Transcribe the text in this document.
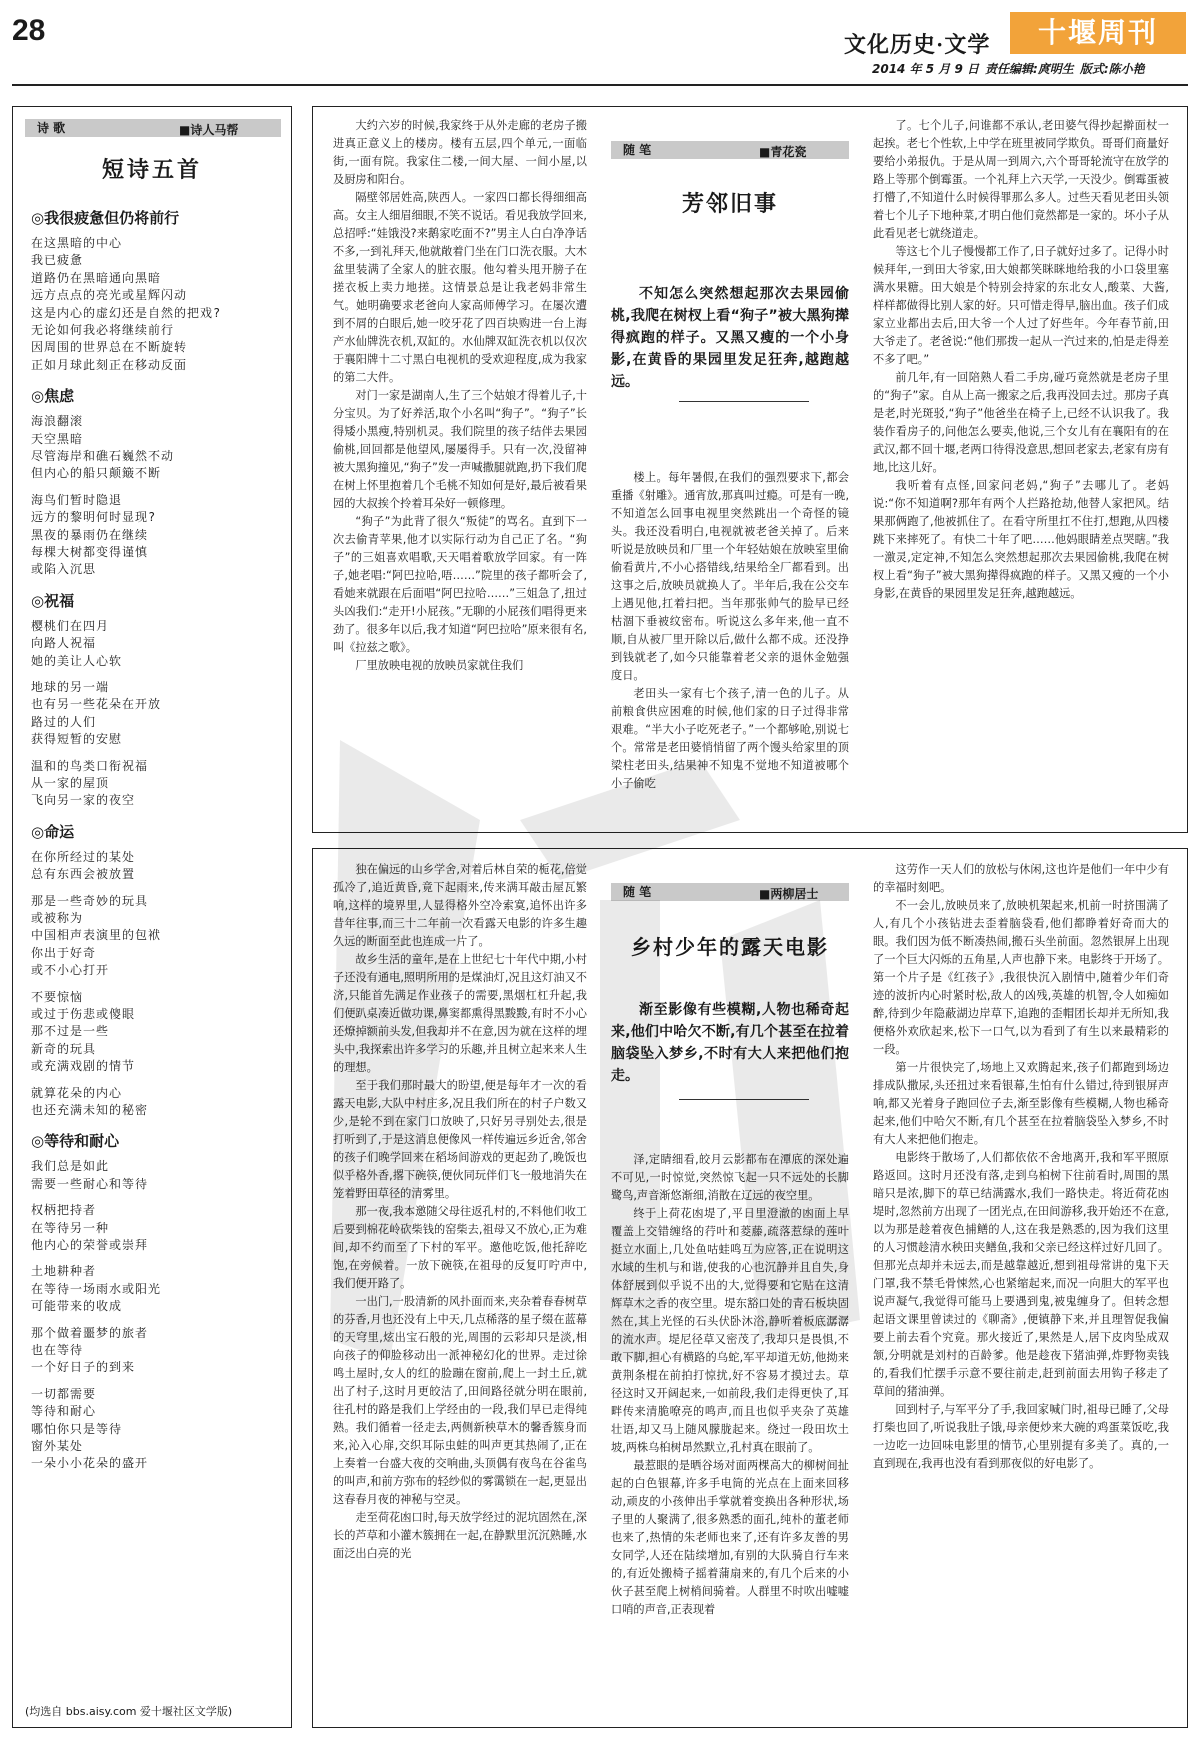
28	文化历史·文学	十堰周刊
2014 年 5 月 9 日 责任编辑:庹明生 版式:陈小艳
诗 歌	■诗人马帮
短诗五首
◎我很疲惫但仍将前行
在这黑暗的中心
我已疲惫
道路仍在黑暗通向黑暗
远方点点的亮光或星辉闪动
这是内心的虚幻还是自然的把戏?
无论如何我必将继续前行
因周围的世界总在不断旋转
正如月球此刻正在移动反面
◎焦虑
海浪翻滚
天空黑暗
尽管海岸和礁石巍然不动
但内心的船只颠簸不断
海鸟们暂时隐退
远方的黎明何时显现?
黑夜的暴雨仍在继续
每棵大树都变得谨慎
或陷入沉思
◎祝福
樱桃们在四月
向路人祝福
她的美让人心软
地球的另一端
也有另一些花朵在开放
路过的人们
获得短暂的安慰
温和的鸟类口衔祝福
从一家的屋顶
飞向另一家的夜空
◎命运
在你所经过的某处
总有东西会被放置
那是一些奇妙的玩具
或被称为
中国相声表演里的包袱
你出于好奇
或不小心打开
不要惊恼
或过于伤悲或傻眼
那不过是一些
新奇的玩具
或充满戏剧的情节
就算花朵的内心
也还充满未知的秘密
◎等待和耐心
我们总是如此
需要一些耐心和等待
权柄把持者
在等待另一种
他内心的荣誉或崇拜
土地耕种者
在等待一场雨水或阳光
可能带来的收成
那个做着噩梦的旅者
也在等待
一个好日子的到来
一切都需要
等待和耐心
哪怕你只是等待
窗外某处
一朵小小花朵的盛开
(均选自 bbs.aisy.com 爱十堰社区文学版)

大约六岁的时候,我家终于从外走廊的老房子搬进真正意义上的楼房。楼有五层,四个单元,一面临街,一面有院。我家住二楼,一间大屋、一间小屋,以及厨房和阳台。

隔壁邻居姓高,陕西人。一家四口都长得细细高高。女主人细眉细眼,不笑不说话。看见我放学回来,总招呼:“娃饿没?来鹅家吃面不?”男主人白白净净话不多,一到礼拜天,他就敞着门坐在门口洗衣服。大木盆里装满了全家人的脏衣服。他勾着头甩开膀子在搓衣板上卖力地搓。这情景总是让我老妈非常生气。她明确要求老爸向人家高师傅学习。在屡次遭到不屑的白眼后,她一咬牙花了四百块购进一台上海产水仙牌洗衣机,双缸的。水仙牌双缸洗衣机以仅次于襄阳牌十二寸黑白电视机的受欢迎程度,成为我家的第二大件。

对门一家是湖南人,生了三个姑娘才得着儿子,十分宝贝。为了好养活,取个小名叫“狗子”。“狗子”长得矮小黑瘦,特别机灵。我们院里的孩子结伴去果园偷桃,回回都是他望风,屡屡得手。只有一次,没留神被大黑狗撞见,“狗子”发一声喊撒腿就跑,扔下我们爬在树上怀里抱着几个毛桃不知如何是好,最后被看果园的大叔挨个拎着耳朵好一顿修理。

“狗子”为此背了很久“叛徒”的骂名。直到下一次去偷青苹果,他才以实际行动为自己正了名。“狗子”的三姐喜欢唱歌,天天唱着歌放学回家。有一阵子,她老唱:“阿巴拉哈,唔……”院里的孩子都听会了,看她来就跟在后面唱“阿巴拉哈……”三姐急了,扭过头凶我们:“走开!小屁孩。”无聊的小屁孩们唱得更来劲了。很多年以后,我才知道“阿巴拉哈”原来很有名,叫《拉兹之歌》。

厂里放映电视的放映员家就住我们

随 笔	■青花瓷
芳邻旧事
不知怎么突然想起那次去果园偷桃,我爬在树杈上看“狗子”被大黑狗撵得疯跑的样子。又黑又瘦的一个小身影,在黄昏的果园里发足狂奔,越跑越远。

楼上。每年暑假,在我们的强烈要求下,都会重播《射雕》。通宵放,那真叫过瘾。可是有一晚,不知道怎么回事电视里突然跳出一个奇怪的镜头。我还没看明白,电视就被老爸关掉了。后来听说是放映员和厂里一个年轻姑娘在放映室里偷偷看黄片,不小心搭错线,结果给全厂都看到。出这事之后,放映员就换人了。半年后,我在公交车上遇见他,扛着扫把。当年那张帅气的脸早已经枯涸下垂被纹密布。听说这么多年来,他一直不顺,自从被厂里开除以后,做什么都不成。还没挣到钱就老了,如今只能靠着老父亲的退休金勉强度日。

老田头一家有七个孩子,清一色的儿子。从前粮食供应困难的时候,他们家的日子过得非常艰难。“半大小子吃死老子。”一个都够呛,别说七个。常常是老田婆悄悄留了两个馒头给家里的顶梁柱老田头,结果神不知鬼不觉地不知道被哪个小子偷吃

了。七个儿子,问谁都不承认,老田婆气得抄起擀面杖一起挨。老七个性软,上中学在班里被同学欺负。哥哥们商量好要给小弟报仇。于是从周一到周六,六个哥哥轮流守在放学的路上等那个倒霉蛋。一个礼拜上六天学,一天没少。倒霉蛋被打懵了,不知道什么时候得罪那么多人。过些天看见老田头领着七个儿子下地种菜,才明白他们竟然都是一家的。坏小子从此看见老七就绕道走。

等这七个儿子慢慢都工作了,日子就好过多了。记得小时候拜年,一到田大爷家,田大娘都笑眯眯地给我的小口袋里塞满水果糖。田大娘是个特别会持家的东北女人,酸菜、大酱,样样都做得比别人家的好。只可惜走得早,脑出血。孩子们成家立业都出去后,田大爷一个人过了好些年。今年春节前,田大爷走了。老爸说:“他们那拨一起从一汽过来的,怕是走得差不多了吧。”

前几年,有一回陪熟人看二手房,碰巧竟然就是老房子里的“狗子”家。自从上高一搬家之后,我再没回去过。那房子真是老,时光斑驳,“狗子”他爸坐在椅子上,已经不认识我了。我装作看房子的,问他怎么要卖,他说,三个女儿有在襄阳有的在武汉,都不回十堰,老两口待得没意思,想回老家去,老家有房有地,比这儿好。

我听着有点怪,回家问老妈,“狗子”去哪儿了。老妈说:“你不知道啊?那年有两个人拦路抢劫,他替人家把风。结果那俩跑了,他被抓住了。在看守所里扛不住打,想跑,从四楼跳下来摔死了。有快二十年了吧……他妈眼睛差点哭瞎。”我一激灵,定定神,不知怎么突然想起那次去果园偷桃,我爬在树杈上看“狗子”被大黑狗撵得疯跑的样子。又黑又瘦的一个小身影,在黄昏的果园里发足狂奔,越跑越远。

独在偏远的山乡学舍,对着后林自荣的栀花,倍觉孤冷了,追近黄昏,竟下起雨来,传来满耳敲击屋瓦繁响,这样的境界里,人显得格外空冷索寞,追怀出许多昔年往事,而三十二年前一次看露天电影的许多生趣久远的断面至此也连成一片了。

故乡生活的童年,是在上世纪七十年代中期,小村子还没有通电,照明所用的是煤油灯,况且这灯油又不济,只能首先满足作业孩子的需要,黑烟杠杠升起,我们便趴桌凑近做功课,鼻窦都熏得黑黢黢,有时不小心还燎掉额前头发,但我却并不在意,因为就在这样的埋头中,我探索出许多学习的乐趣,并且树立起来来人生的理想。

至于我们那时最大的盼望,便是每年才一次的看露天电影,大队中村庄多,况且我们所在的村子户数又少,是轮不到在家门口放映了,只好另寻别处去,很是打听到了,于是这消息便像风一样传遍远乡近舍,邻舍的孩子们晚学回来在稻场间游戏的更起劲了,晚饭也似乎格外香,撂下碗筷,便伙同玩伴们飞一般地消失在笼着野田草径的清雾里。

那一夜,我本邀随父母往返孔村的,不料他们收工后要到棉花岭砍柴钱的窑柴去,祖母又不放心,正为难间,却不约而至了下村的军平。邀他吃饭,他托辞吃饱,在旁候着。一放下碗筷,在祖母的反复叮咛声中,我们便开路了。

一出门,一股清新的风扑面而来,夹杂着春春树草的芬香,月也还没有上中天,几点稀落的星子缀在蓝幕的天穹里,炫出宝石般的光,周围的云彩却只是淡,相向孩子的仰脸移动出一派神秘幻化的世界。走过徐鸣土屋时,女人的红的脸蹦在窗前,爬上一封土丘,就出了村子,这时月更皎洁了,田间路径就分明在眼前,往孔村的路是我们上学经由的一段,我们早已走得纯熟。我们循着一径走去,两侧新秧草木的馨香簇身而来,沁入心扉,交织耳际虫蛙的叫声更其热闹了,正在上奏着一台盛大夜的交响曲,头顶偶有夜鸟在谷雀鸟的叫声,和前方弥布的轻纱似的雾霭锁在一起,更显出这春春月夜的神秘与空灵。

走至荷花凼口时,每天放学经过的泥坑固然在,深长的芦草和小灌木簇拥在一起,在静默里沉沉熟睡,水面泛出白亮的光

随 笔	■两柳居士
乡村少年的露天电影
渐至影像有些模糊,人物也稀奇起来,他们中哈欠不断,有几个甚至在拉着脑袋坠入梦乡,不时有大人来把他们抱走。

泽,定睛细看,皎月云影都布在潭底的深处遍不可见,一时惊觉,突然惊飞起一只不远处的长脚鹭鸟,声音渐悠渐细,消散在辽远的夜空里。

终于上荷花凼堤了,平日里澄澈的凼面上早覆盖上交错缠络的荇叶和菱藤,疏落惹绿的莲叶挺立水面上,几处鱼咕蛙鸣互为应答,正在说明这水域的生机与和谐,使我的心也沉静并且自失,身体舒展到似乎说不出的大,觉得要和它贴在这清辉草木之香的夜空里。堤东豁口处的青石板块固然在,其上光怪的石头伏卧沐浴,静听着板底潺潺的流水声。堤尼径草又密茂了,我却只是畏惧,不敢下脚,担心有横路的乌蛇,军平却道无妨,他拗来黄荆条棍在前拍打惊扰,好不容易才摸过去。草径这时又开阔起来,一如前段,我们走得更快了,耳畔传来清脆嘹亮的鸣声,而且也似乎夹杂了英雄壮语,却又马上随风朦胧起来。绕过一段田坎土坡,两株乌桕树昂然默立,孔村真在眼前了。

最惹眼的是晒谷场对面两棵高大的柳树间扯起的白色银幕,许多手电筒的光点在上面来回移动,顽皮的小孩伸出手掌就着变换出各种形状,场子里的人聚满了,很多熟悉的面孔,纯朴的董老师也来了,热情的朱老师也来了,还有许多友善的男女同学,人还在陆续增加,有别的大队骑自行车来的,有近处搬椅子摇着蒲扇来的,有几个后来的小伙子甚至爬上树梢间骑着。人群里不时吹出嘘嘘口哨的声音,正表现着

这劳作一天人们的放松与休闲,这也许是他们一年中少有的幸福时刻吧。

不一会儿,放映员来了,放映机架起来,机前一时挤围满了人,有几个小孩钻进去歪着脑袋看,他们都睁着好奇而大的眼。我们因为低不断凑热闹,搬石头坐前面。忽然银屏上出现了一个巨大闪烁的五角星,人声也静下来。电影终于开场了。第一个片子是《红孩子》,我很快沉入剧情中,随着少年们奇迹的波折内心时紧时松,敌人的凶残,英雄的机智,令人如痴如醉,待到少年隐蔽湖边岸草下,追跑的歪帽团长却并无所知,我便格外欢欣起来,松下一口气,以为看到了有生以来最精彩的一段。

第一片很快完了,场地上又欢腾起来,孩子们都跑到场边排成队撒尿,头还扭过来看银幕,生怕有什么错过,待到银屏声响,都又光着身子跑回位子去,渐至影像有些模糊,人物也稀奇起来,他们中哈欠不断,有几个甚至在拉着脑袋坠入梦乡,不时有大人来把他们抱走。

电影终于散场了,人们都依依不舍地离开,我和军平照原路返回。这时月还没有落,走到乌桕树下往前看时,周围的黑暗只是浓,脚下的草已结满露水,我们一路快走。将近荷花凼堤时,忽然前方出现了一团光点,在田间游移,我开始还不在意,以为那是趁着夜色捕鳝的人,这在我是熟悉的,因为我们这里的人习惯趁清水秧田夹鳝鱼,我和父亲已经这样过好几回了。但那光点却并未远去,而是越靠越近,想到祖母常讲的鬼下天门罩,我不禁毛骨悚然,心也紧缩起来,而况一向胆大的军平也说声凝气,我觉得可能马上要遇到鬼,被鬼缠身了。但转念想起语文课里曾读过的《聊斋》,便镇静下来,并且理智促我偏要上前去看个究竟。那火接近了,果然是人,居下皮肉坠成双颔,分明就是刘村的百龄爹。他是趁夜下猪油弹,炸野物卖钱的,看我们忙摆手示意不要往前走,赶到前面去用钩子移走了草间的猪油弹。

回到村子,与军平分了手,我回家喊门时,祖母已睡了,父母打柴也回了,听说我肚子饿,母亲便炒来大碗的鸡蛋菜饭吃,我一边吃一边回味电影里的情节,心里别提有多美了。真的,一直到现在,我再也没有看到那夜似的好电影了。
